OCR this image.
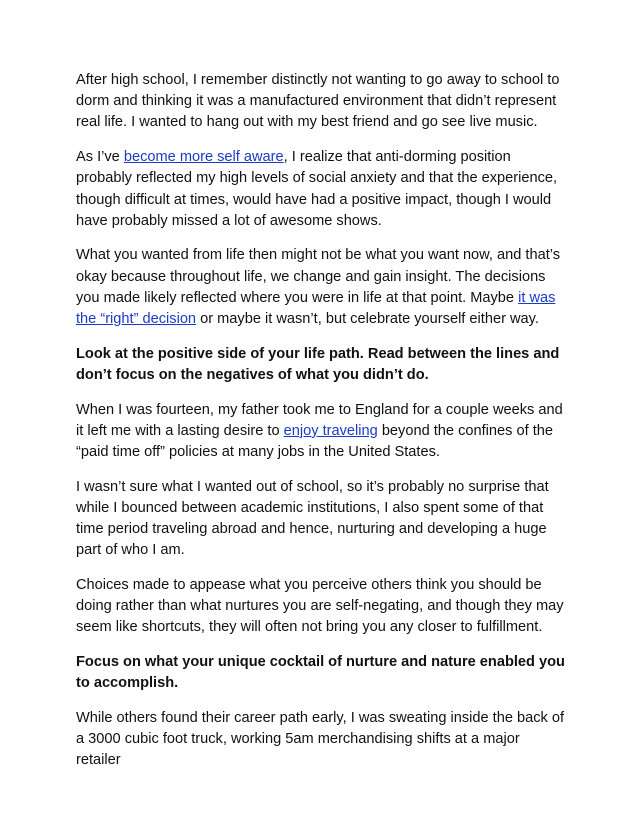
After high school, I remember distinctly not wanting to go away to school to dorm and thinking it was a manufactured environment that didn’t represent real life. I wanted to hang out with my best friend and go see live music.

As I’ve become more self aware, I realize that anti-dorming position probably reflected my high levels of social anxiety and that the experience, though difficult at times, would have had a positive impact, though I would have probably missed a lot of awesome shows.

What you wanted from life then might not be what you want now, and that’s okay because throughout life, we change and gain insight. The decisions you made likely reflected where you were in life at that point. Maybe it was the “right” decision or maybe it wasn’t, but celebrate yourself either way.

Look at the positive side of your life path. Read between the lines and don’t focus on the negatives of what you didn’t do.

When I was fourteen, my father took me to England for a couple weeks and it left me with a lasting desire to enjoy traveling beyond the confines of the “paid time off” policies at many jobs in the United States.

I wasn’t sure what I wanted out of school, so it’s probably no surprise that while I bounced between academic institutions, I also spent some of that time period traveling abroad and hence, nurturing and developing a huge part of who I am.

Choices made to appease what you perceive others think you should be doing rather than what nurtures you are self-negating, and though they may seem like shortcuts, they will often not bring you any closer to fulfillment.

Focus on what your unique cocktail of nurture and nature enabled you to accomplish.

While others found their career path early, I was sweating inside the back of a 3000 cubic foot truck, working 5am merchandising shifts at a major retailer
